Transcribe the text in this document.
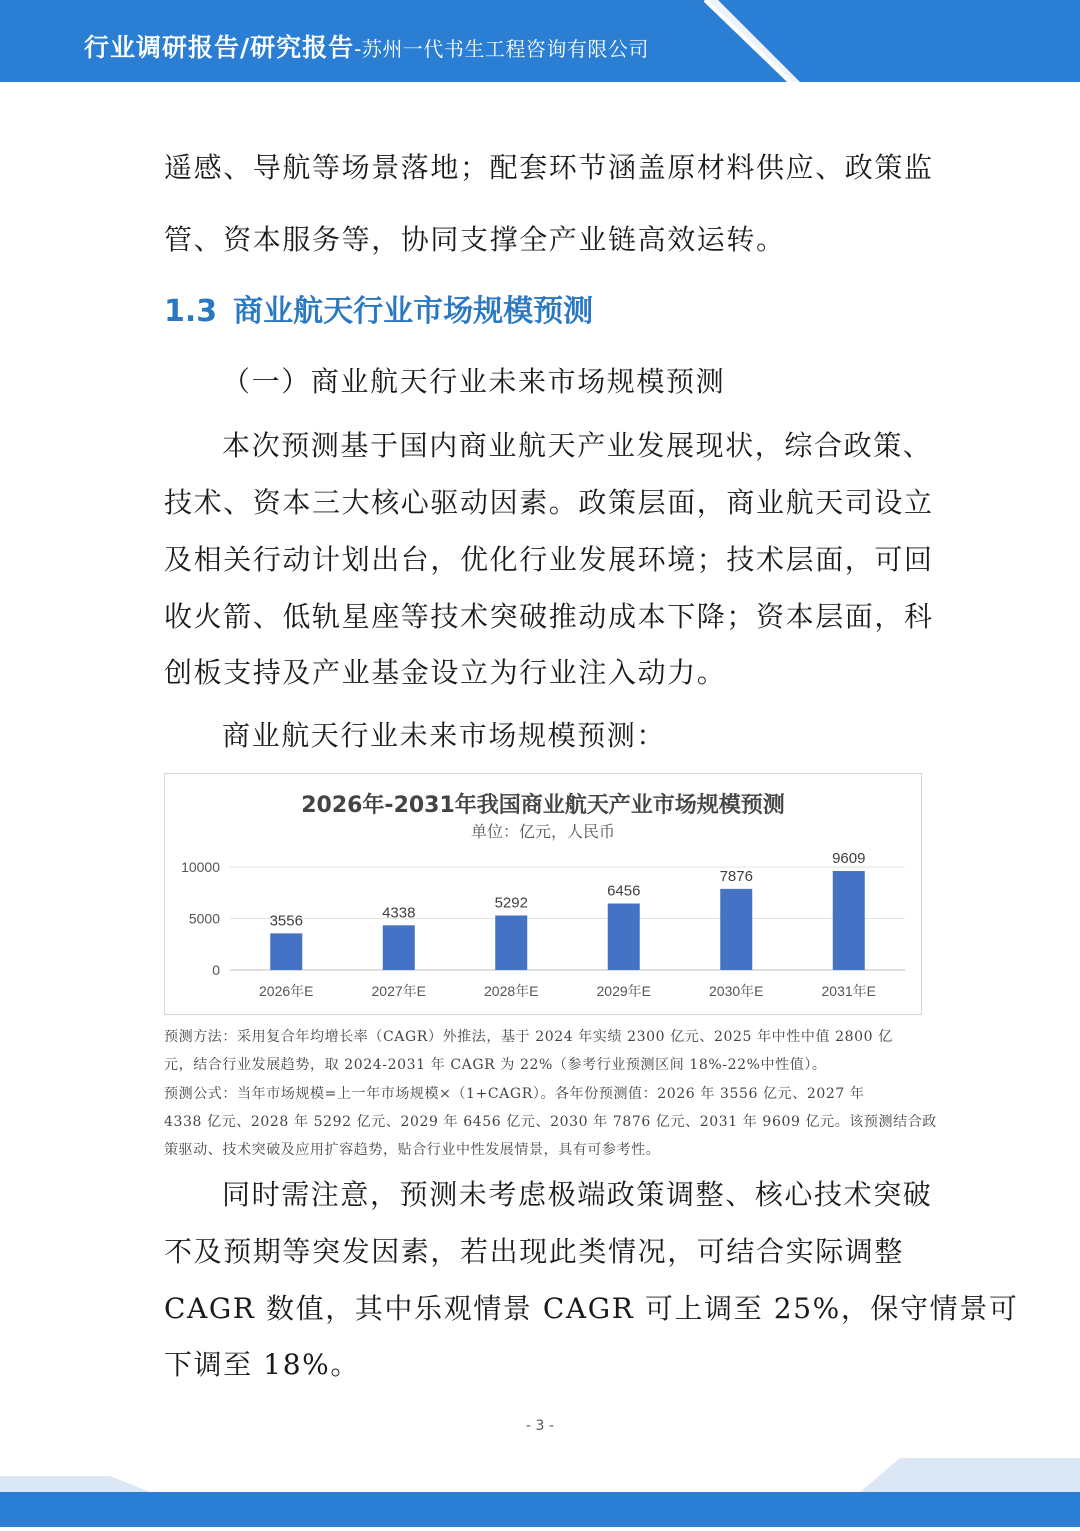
行业调研报告/研究报告-苏州一代书生工程咨询有限公司
遥感、导航等场景落地；配套环节涵盖原材料供应、政策监
管、资本服务等，协同支撑全产业链高效运转。
1.3 商业航天行业市场规模预测
（一）商业航天行业未来市场规模预测
本次预测基于国内商业航天产业发展现状，综合政策、
技术、资本三大核心驱动因素。政策层面，商业航天司设立
及相关行动计划出台，优化行业发展环境；技术层面，可回
收火箭、低轨星座等技术突破推动成本下降；资本层面，科
创板支持及产业基金设立为行业注入动力。
商业航天行业未来市场规模预测：
0
5000
10000
3556
2026年E
4338
2027年E
5292
2028年E
6456
2029年E
7876
2030年E
9609
2031年E
2026年-2031年我国商业航天产业市场规模预测
单位：亿元，人民币
预测方法：采用复合年均增长率（CAGR）外推法，基于 2024 年实绩 2300 亿元、2025 年中性中值 2800 亿
元，结合行业发展趋势，取 2024-2031 年 CAGR 为 22%（参考行业预测区间 18%-22%中性值）。
预测公式：当年市场规模=上一年市场规模×（1+CAGR）。各年份预测值：2026 年 3556 亿元、2027 年
4338 亿元、2028 年 5292 亿元、2029 年 6456 亿元、2030 年 7876 亿元、2031 年 9609 亿元。该预测结合政
策驱动、技术突破及应用扩容趋势，贴合行业中性发展情景，具有可参考性。
同时需注意，预测未考虑极端政策调整、核心技术突破
不及预期等突发因素，若出现此类情况，可结合实际调整
CAGR 数值，其中乐观情景 CAGR 可上调至 25%，保守情景可
下调至 18%。
- 3 -
